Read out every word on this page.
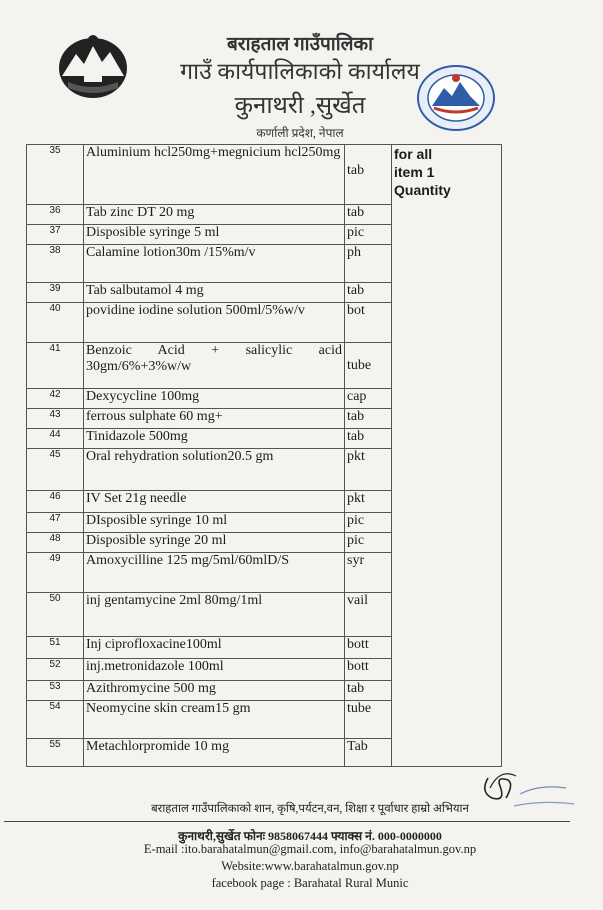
बराहताल गाउँपालिका
गाउँ कार्यपालिकाको कार्यालय
कुनाथरी ,सुर्खेत
कर्णाली प्रदेश, नेपाल
35	Aluminium hcl250mg+megnicium hcl250mg	tab	for all
item 1
Quantity

36	Tab zinc DT 20 mg	tab	
37	Disposible syringe 5 ml	pic	
38	Calamine lotion30m /15%m/v	ph	
39	Tab salbutamol 4 mg	tab	
40	povidine iodine solution 500ml/5%w/v	bot	
41	Benzoic Acid + salicylic acid
30gm/6%+3%w/w	tube	
42	Dexycycline 100mg	cap	
43	ferrous sulphate 60 mg+	tab	
44	Tinidazole 500mg	tab	
45	Oral rehydration solution20.5 gm	pkt	
46	IV Set 21g needle	pkt	
47	DIsposible syringe 10 ml	pic	
48	Disposible syringe 20 ml	pic	
49	Amoxycilline 125 mg/5ml/60mlD/S	syr	
50	inj gentamycine 2ml 80mg/1ml	vail	
51	Inj ciprofloxacine100ml	bott	
52	inj.metronidazole 100ml	bott	
53	Azithromycine 500 mg	tab	
54	Neomycine skin cream15 gm	tube	
55	Metachlorpromide 10 mg	Tab	
बराहताल गाउँपालिकाको शान, कृषि,पर्यटन,वन, शिक्षा र पूर्वाधार हाम्रो अभियान
कुनाथरी,सुर्खेत फोनः 9858067444 फ्याक्स नं. 000-0000000
E-mail :ito.barahatalmun@gmail.com, info@barahatalmun.gov.np
Website:www.barahatalmun.gov.np
facebook page : Barahatal Rural Munic
